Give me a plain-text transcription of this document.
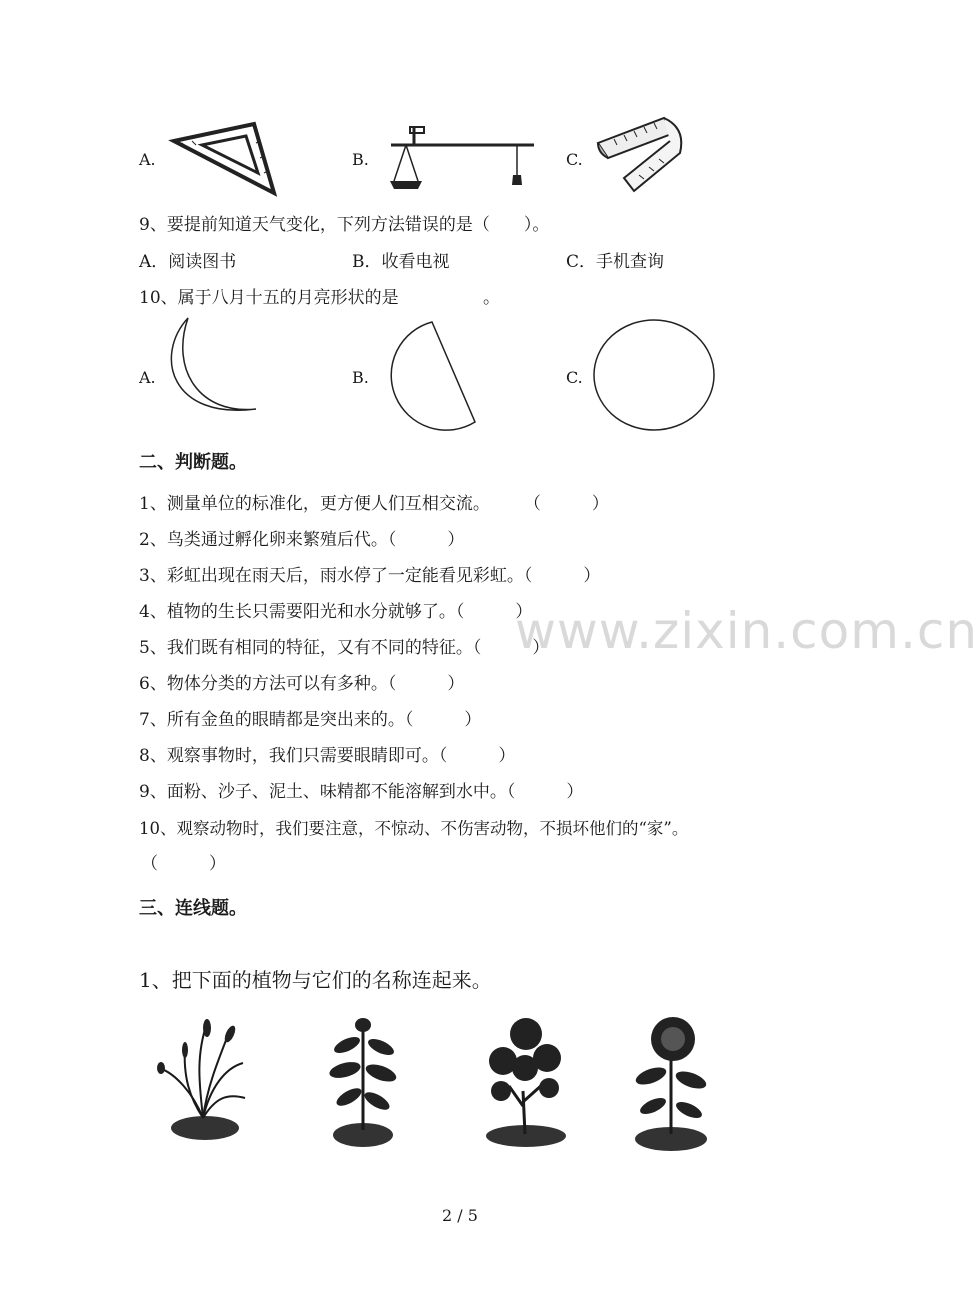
A.	B.	C.
9、要提前知道天气变化，下列方法错误的是（　　）。
A．阅读图书	B．收看电视	C．手机查询
10、属于八月十五的月亮形状的是	。
A.	B.	C.
二、判断题。
1、测量单位的标准化，更方便人们互相交流。　　　（　　　）
2、鸟类通过孵化卵来繁殖后代。（　　　）
3、彩虹出现在雨天后，雨水停了一定能看见彩虹。（　　　）
4、植物的生长只需要阳光和水分就够了。（　　　）
5、我们既有相同的特征，又有不同的特征。（　　　）
6、物体分类的方法可以有多种。（　　　）
7、所有金鱼的眼睛都是突出来的。（　　　）
8、观察事物时，我们只需要眼睛即可。（　　　）
9、面粉、沙子、泥土、味精都不能溶解到水中。（　　　）
10、观察动物时，我们要注意，不惊动、不伤害动物，不损坏他们的“家”。
（　　　）
www.zixin.com.cn
三、连线题。
1、把下面的植物与它们的名称连起来。
2 / 5
